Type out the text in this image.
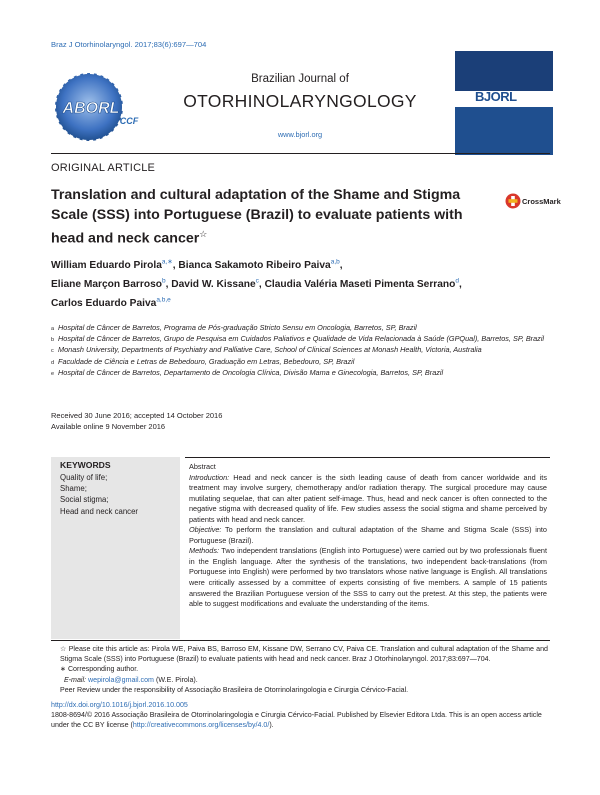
Braz J Otorhinolaryngol. 2017;83(6):697—704
ABORL
CCF
Brazilian Journal of
OTORHINOLARYNGOLOGY
www.bjorl.org
BJORL
ORIGINAL ARTICLE
Translation and cultural adaptation of the Shame and Stigma Scale (SSS) into Portuguese (Brazil) to evaluate patients with head and neck cancer☆
CrossMark
William Eduardo Pirola$^{a,∗}$, Bianca Sakamoto Ribeiro Paiva$^{a,b}$,
Eliane Marçon Barroso$^b$, David W. Kissane$^c$, Claudia Valéria Maseti Pimenta Serrano$^d$,
Carlos Eduardo Paiva$^{a,b,e}$
a Hospital de Câncer de Barretos, Programa de Pós-graduação Stricto Sensu em Oncologia, Barretos, SP, Brazil
b Hospital de Câncer de Barretos, Grupo de Pesquisa em Cuidados Paliativos e Qualidade de Vida Relacionada à Saúde (GPQual), Barretos, SP, Brazil
c Monash University, Departments of Psychiatry and Palliative Care, School of Clinical Sciences at Monash Health, Victoria, Australia
d Faculdade de Ciência e Letras de Bebedouro, Graduação em Letras, Bebedouro, SP, Brazil
e Hospital de Câncer de Barretos, Departamento de Oncologia Clínica, Divisão Mama e Ginecologia, Barretos, SP, Brazil
Received 30 June 2016; accepted 14 October 2016
Available online 9 November 2016
KEYWORDS
Quality of life;
Shame;
Social stigma;
Head and neck cancer

Abstract

Introduction: Head and neck cancer is the sixth leading cause of death from cancer worldwide and its treatment may involve surgery, chemotherapy and/or radiation therapy. The surgical procedure may cause mutilating sequelae, that can alter patient self-image. Thus, head and neck cancer is often connected to the negative stigma with decreased quality of life. Few studies assess the social stigma and shame perceived by patients with head and neck cancer.

Objective: To perform the translation and cultural adaptation of the Shame and Stigma Scale (SSS) into Portuguese (Brazil).

Methods: Two independent translations (English into Portuguese) were carried out by two professionals fluent in the English language. After the synthesis of the translations, two independent back-translations (from Portuguese into English) were performed by two translators whose native language is English. All translations were critically assessed by a committee of experts consisting of five members. A sample of 15 patients answered the Brazilian Portuguese version of the SSS to carry out the pretest. At this step, the patients were able to suggest modifications and evaluate the understanding of the items.

☆ Please cite this article as: Pirola WE, Paiva BS, Barroso EM, Kissane DW, Serrano CV, Paiva CE. Translation and cultural adaptation of the Shame and Stigma Scale (SSS) into Portuguese (Brazil) to evaluate patients with head and neck cancer. Braz J Otorhinolaryngol. 2017;83:697—704.

∗ Corresponding author.

E-mail: wepirola@gmail.com (W.E. Pirola).

Peer Review under the responsibility of Associação Brasileira de Otorrinolaringologia e Cirurgia Cérvico-Facial.

http://dx.doi.org/10.1016/j.bjorl.2016.10.005
1808-8694/© 2016 Associação Brasileira de Otorrinolaringologia e Cirurgia Cérvico-Facial. Published by Elsevier Editora Ltda. This is an open access article under the CC BY license (http://creativecommons.org/licenses/by/4.0/).
